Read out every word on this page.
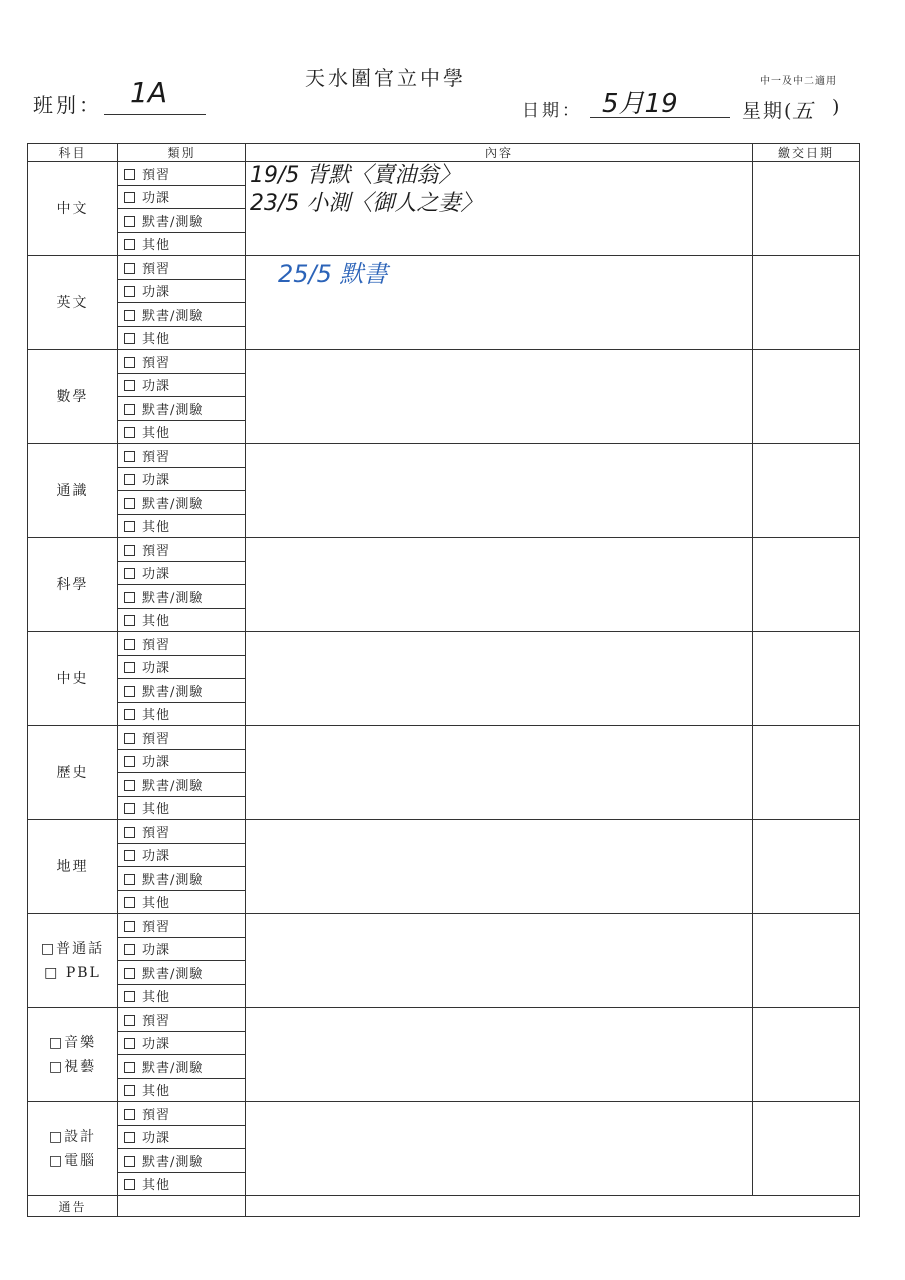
天水圍官立中學	中一及中二適用
班別： 1A
日期： 5月19	星期(
五 )
科目	類別	內容	繳交日期
中文	預習	19/5 背默〈賣油翁〉
23/5 小測〈御人之妻〉	

	功課		
	默書/測驗		
	其他		
英文	預習	25/5 默書	

	功課		
	默書/測驗		
	其他		
數學	預習		
	功課		
	默書/測驗		
	其他		
通識	預習		
	功課		
	默書/測驗		
	其他		
科學	預習		
	功課		
	默書/測驗		
	其他		
中史	預習		
	功課		
	默書/測驗		
	其他		
歷史	預習		
	功課		
	默書/測驗		
	其他		
地理	預習		
	功課		
	默書/測驗		
	其他		
□普通話
□ PBL	預習		
	功課		
	默書/測驗		
	其他		
□音樂
□視藝	預習		
	功課		
	默書/測驗		
	其他		
□設計
□電腦	預習		
	功課		
	默書/測驗		
	其他		
通告			
